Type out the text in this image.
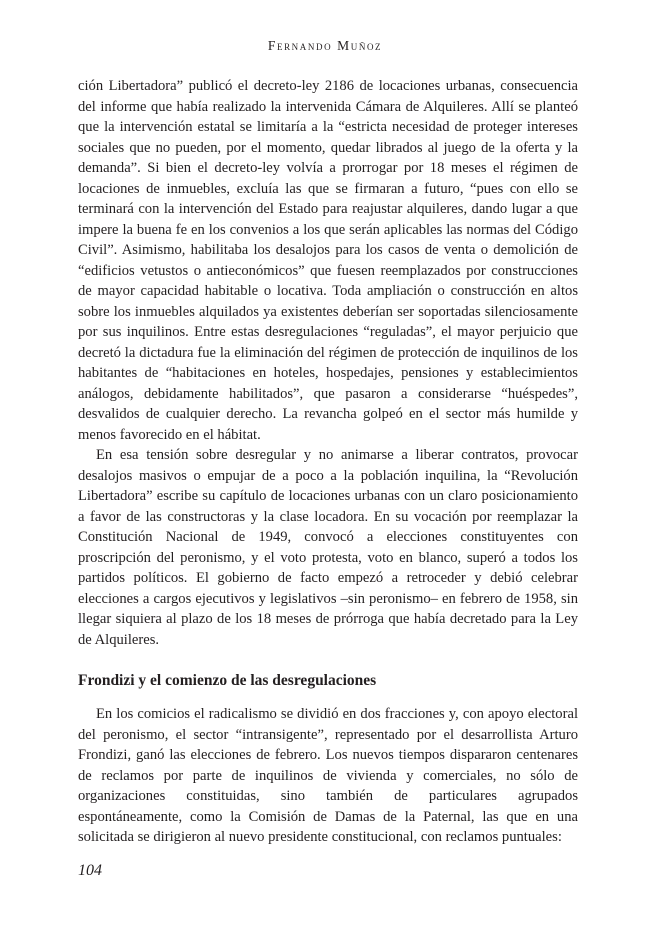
Fernando Muñoz

ción Libertadora” publicó el decreto-ley 2186 de locaciones urbanas, consecuencia del informe que había realizado la intervenida Cámara de Alquileres. Allí se planteó que la intervención estatal se limitaría a la “estricta necesidad de proteger intereses sociales que no pueden, por el momento, quedar librados al juego de la oferta y la demanda”. Si bien el decreto-ley volvía a prorrogar por 18 meses el régimen de locaciones de inmuebles, excluía las que se firmaran a futuro, “pues con ello se terminará con la intervención del Estado para reajustar alquileres, dando lugar a que impere la buena fe en los convenios a los que serán aplicables las normas del Código Civil”. Asimismo, habilitaba los desalojos para los casos de venta o demolición de “edificios vetustos o antieconómicos” que fuesen reemplazados por construcciones de mayor capacidad habitable o locativa. Toda ampliación o construcción en altos sobre los inmuebles alquilados ya existentes deberían ser soportadas silenciosamente por sus inquilinos. Entre estas desregulaciones “reguladas”, el mayor perjuicio que decretó la dictadura fue la eliminación del régimen de protección de inquilinos de los habitantes de “habitaciones en hoteles, hospedajes, pensiones y establecimientos análogos, debidamente habilitados”, que pasaron a considerarse “huéspedes”, desvalidos de cualquier derecho. La revancha golpeó en el sector más humilde y menos favorecido en el hábitat.

En esa tensión sobre desregular y no animarse a liberar contratos, provocar desalojos masivos o empujar de a poco a la población inquilina, la “Revolución Libertadora” escribe su capítulo de locaciones urbanas con un claro posicionamiento a favor de las constructoras y la clase locadora. En su vocación por reemplazar la Constitución Nacional de 1949, convocó a elecciones constituyentes con proscripción del peronismo, y el voto protesta, voto en blanco, superó a todos los partidos políticos. El gobierno de facto empezó a retroceder y debió celebrar elecciones a cargos ejecutivos y legislativos –sin peronismo– en febrero de 1958, sin llegar siquiera al plazo de los 18 meses de prórroga que había decretado para la Ley de Alquileres.

Frondizi y el comienzo de las desregulaciones

En los comicios el radicalismo se dividió en dos fracciones y, con apoyo electoral del peronismo, el sector “intransigente”, representado por el desarrollista Arturo Frondizi, ganó las elecciones de febrero. Los nuevos tiempos dispararon centenares de reclamos por parte de inquilinos de vivienda y comerciales, no sólo de organizaciones constituidas, sino también de particulares agrupados espontáneamente, como la Comisión de Damas de la Paternal, las que en una solicitada se dirigieron al nuevo presidente constitucional, con reclamos puntuales:

104
